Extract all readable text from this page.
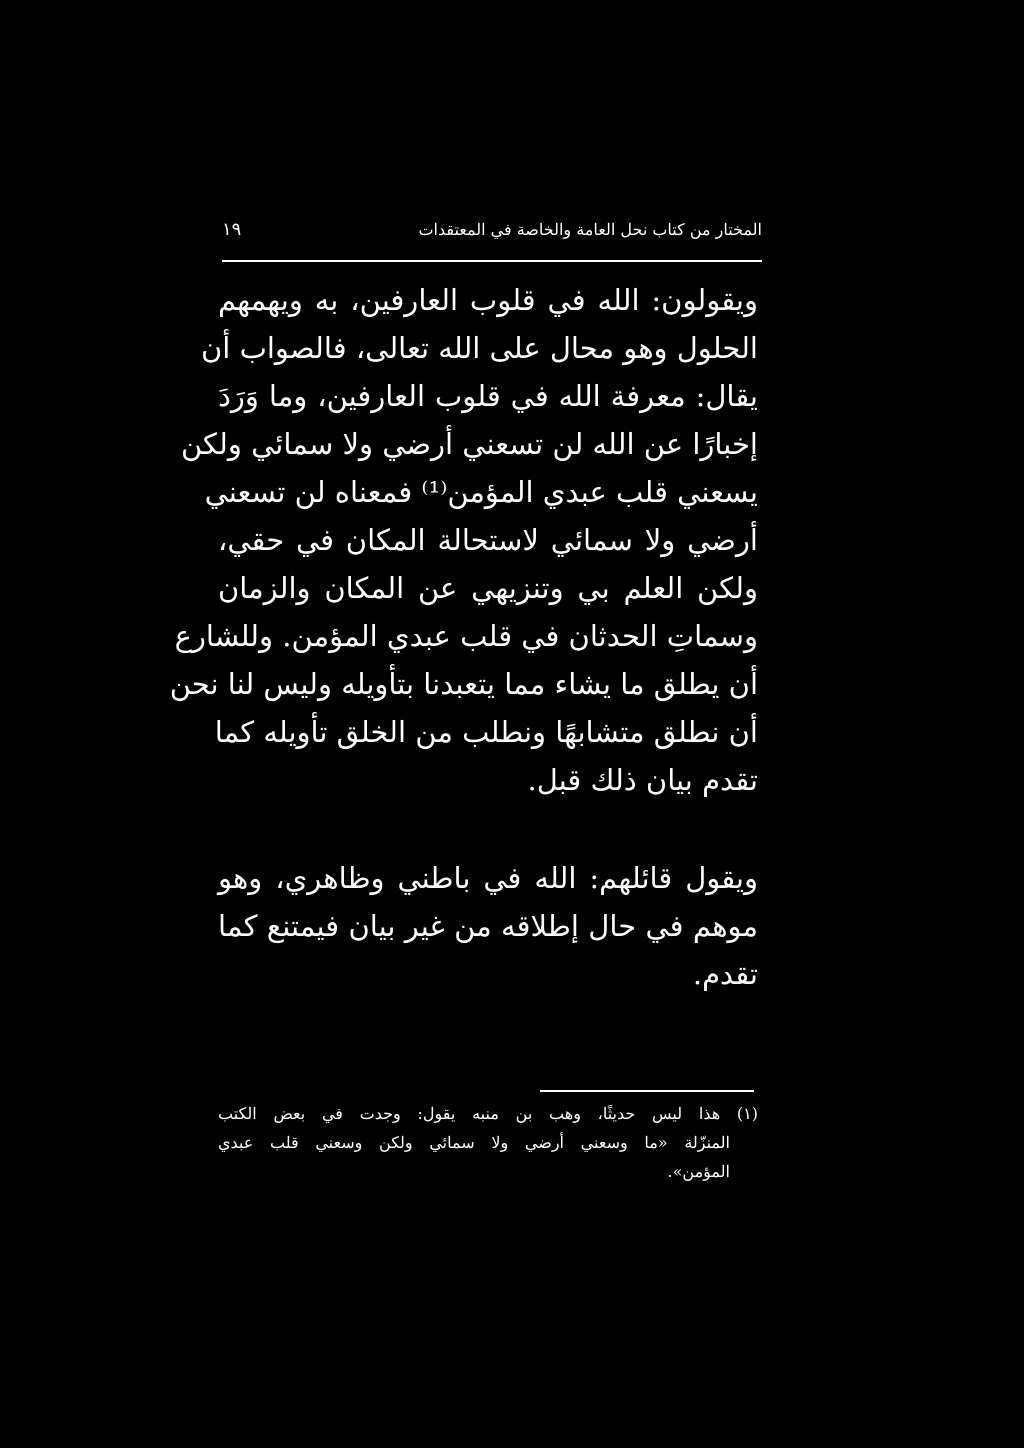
المختار من كتاب نحل العامة والخاصة في المعتقدات
١٩
ويقولون: الله في قلوب العارفين، به ويهمهم
الحلول وهو محال على الله تعالى، فالصواب أن
يقال: معرفة الله في قلوب العارفين، وما وَرَدَ
إخبارًا عن الله لن تسعني أرضي ولا سمائي ولكن
يسعني قلب عبدي المؤمن⁽¹⁾ فمعناه لن تسعني
أرضي ولا سمائي لاستحالة المكان في حقي،
ولكن العلم بي وتنزيهي عن المكان والزمان
وسماتِ الحدثان في قلب عبدي المؤمن. وللشارع
أن يطلق ما يشاء مما يتعبدنا بتأويله وليس لنا نحن
أن نطلق متشابهًا ونطلب من الخلق تأويله كما
تقدم بيان ذلك قبل.
ويقول قائلهم: الله في باطني وظاهري، وهو
موهم في حال إطلاقه من غير بيان فيمتنع كما
تقدم.
(١) هذا ليس حديثًا، وهب بن منبه يقول: وجدت في بعض الكتب
المنزّلة «ما وسعني أرضي ولا سمائي ولكن وسعني قلب عبدي
المؤمن».
